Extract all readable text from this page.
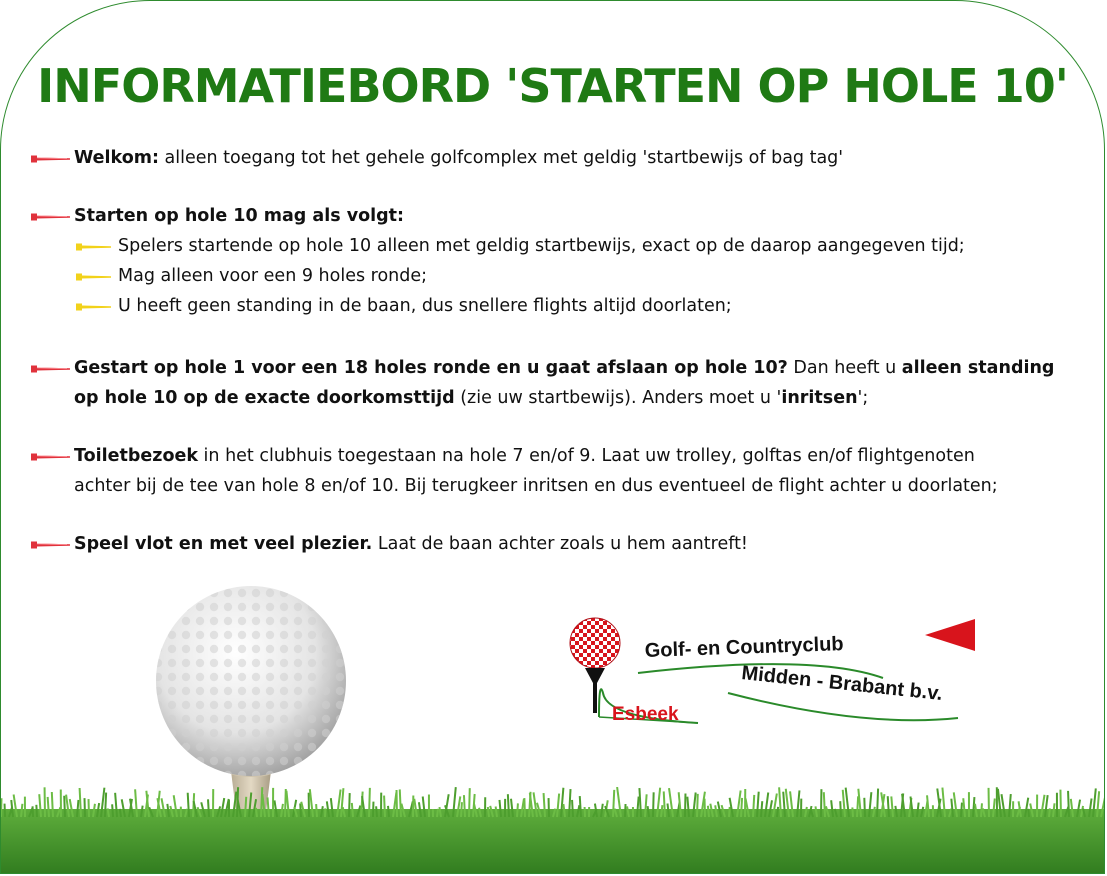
INFORMATIEBORD 'STARTEN OP HOLE 10'
Welkom: alleen toegang tot het gehele golfcomplex met geldig 'startbewijs of bag tag'
Starten op hole 10 mag als volgt:
Spelers startende op hole 10 alleen met geldig startbewijs, exact op de daarop aangegeven tijd;
Mag alleen voor een 9 holes ronde;
U heeft geen standing in de baan, dus snellere flights altijd doorlaten;
Gestart op hole 1 voor een 18 holes ronde en u gaat afslaan op hole 10? Dan heeft u alleen standing
op hole 10 op de exacte doorkomsttijd (zie uw startbewijs). Anders moet u 'inritsen';
Toiletbezoek in het clubhuis toegestaan na hole 7 en/of 9. Laat uw trolley, golftas en/of flightgenoten
achter bij de tee van hole 8 en/of 10. Bij terugkeer inritsen en dus eventueel de flight achter u doorlaten;
Speel vlot en met veel plezier. Laat de baan achter zoals u hem aantreft!
Esbeek
Golf- en Countryclub
Midden - Brabant b.v.
